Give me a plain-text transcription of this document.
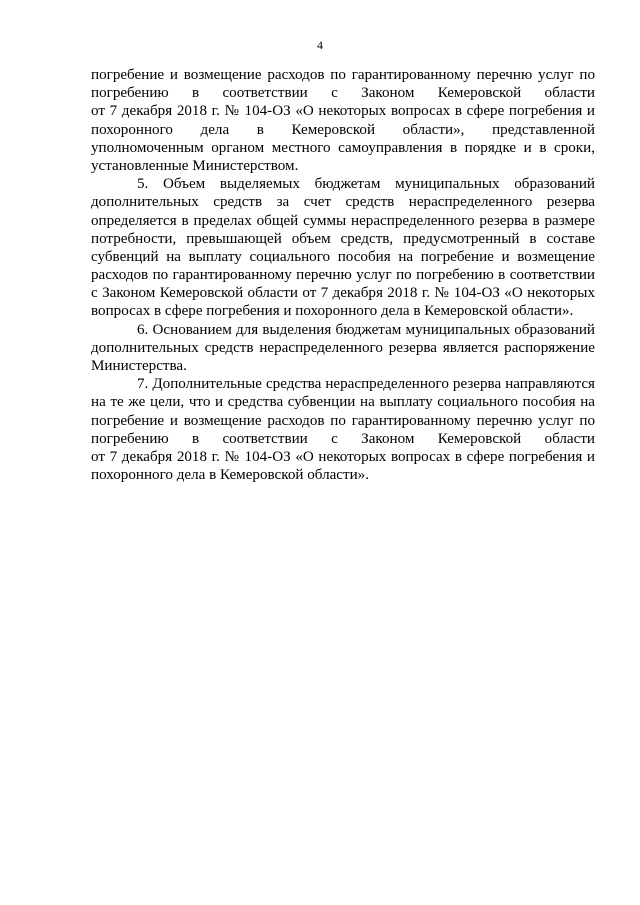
4
погребение и возмещение расходов по гарантированному перечню услуг по
погребению в соответствии с Законом Кемеровской области
от 7 декабря 2018 г. № 104-ОЗ «О некоторых вопросах в сфере погребения и
похоронного дела в Кемеровской области», представленной
уполномоченным органом местного самоуправления в порядке и в сроки,
установленные Министерством.
5. Объем выделяемых бюджетам муниципальных образований
дополнительных средств за счет средств нераспределенного резерва
определяется в пределах общей суммы нераспределенного резерва в размере
потребности, превышающей объем средств, предусмотренный в составе
субвенций на выплату социального пособия на погребение и возмещение
расходов по гарантированному перечню услуг по погребению в соответствии
с Законом Кемеровской области от 7 декабря 2018 г. № 104-ОЗ «О некоторых
вопросах в сфере погребения и похоронного дела в Кемеровской области».
6. Основанием для выделения бюджетам муниципальных образований
дополнительных средств нераспределенного резерва является распоряжение
Министерства.
7. Дополнительные средства нераспределенного резерва направляются
на те же цели, что и средства субвенции на выплату социального пособия на
погребение и возмещение расходов по гарантированному перечню услуг по
погребению в соответствии с Законом Кемеровской области
от 7 декабря 2018 г. № 104-ОЗ «О некоторых вопросах в сфере погребения и
похоронного дела в Кемеровской области».
